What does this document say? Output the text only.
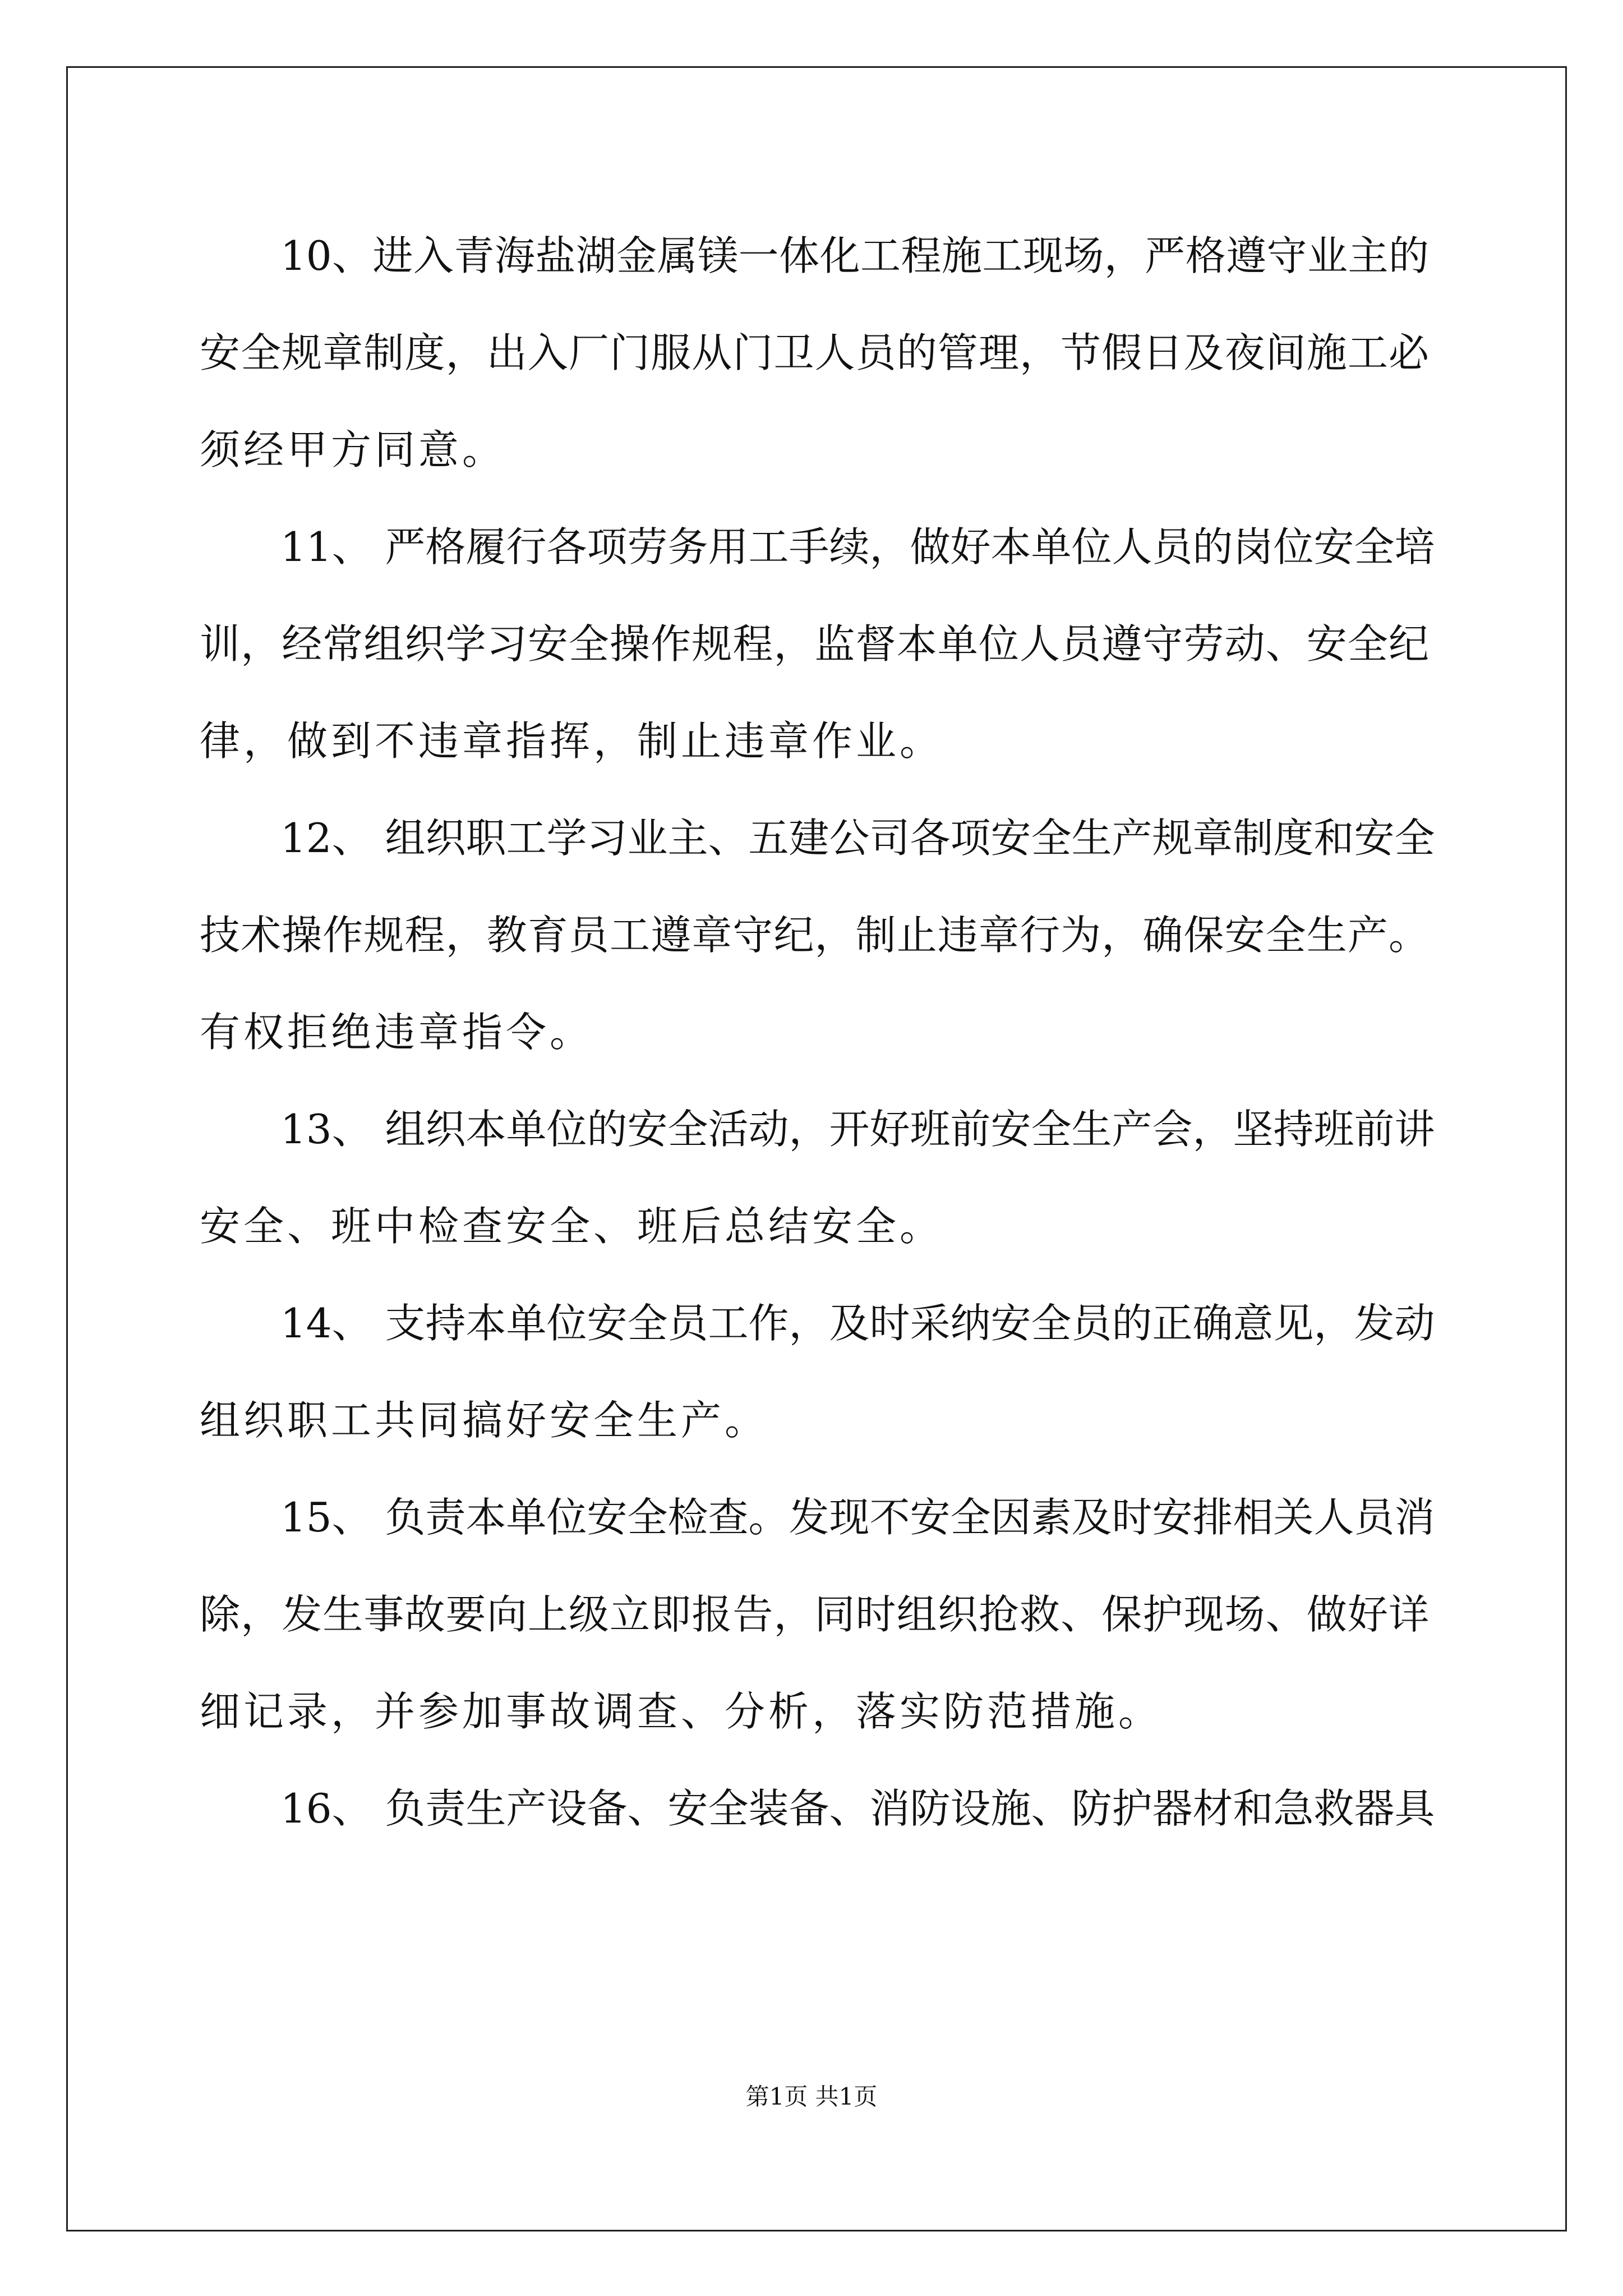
10、进入青海盐湖金属镁一体化工程施工现场，严格遵守业主的
安全规章制度，出入厂门服从门卫人员的管理，节假日及夜间施工必
须经甲方同意。
11、 严格履行各项劳务用工手续，做好本单位人员的岗位安全培
训，经常组织学习安全操作规程，监督本单位人员遵守劳动、安全纪
律，做到不违章指挥，制止违章作业。
12、 组织职工学习业主、五建公司各项安全生产规章制度和安全
技术操作规程，教育员工遵章守纪，制止违章行为，确保安全生产。
有权拒绝违章指令。
13、 组织本单位的安全活动，开好班前安全生产会，坚持班前讲
安全、班中检查安全、班后总结安全。
14、 支持本单位安全员工作，及时采纳安全员的正确意见，发动
组织职工共同搞好安全生产。
15、 负责本单位安全检查。发现不安全因素及时安排相关人员消
除，发生事故要向上级立即报告，同时组织抢救、保护现场、做好详
细记录，并参加事故调查、分析，落实防范措施。
16、 负责生产设备、安全装备、消防设施、防护器材和急救器具
第1页 共1页
